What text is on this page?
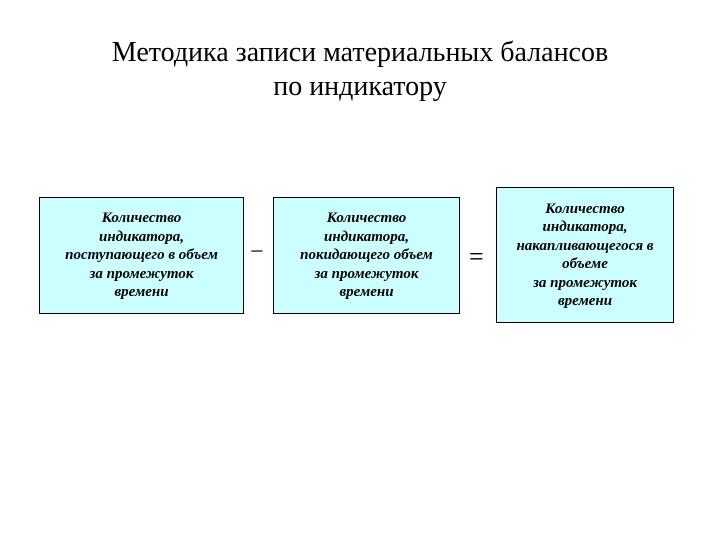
Методика записи материальных балансов
по индикатору
Количество
индикатора,
поступающего в объем
за промежуток
времени
−
Количество
индикатора,
покидающего объем
за промежуток
времени
=
Количество
индикатора,
накапливающегося в
объеме
за промежуток
времени
